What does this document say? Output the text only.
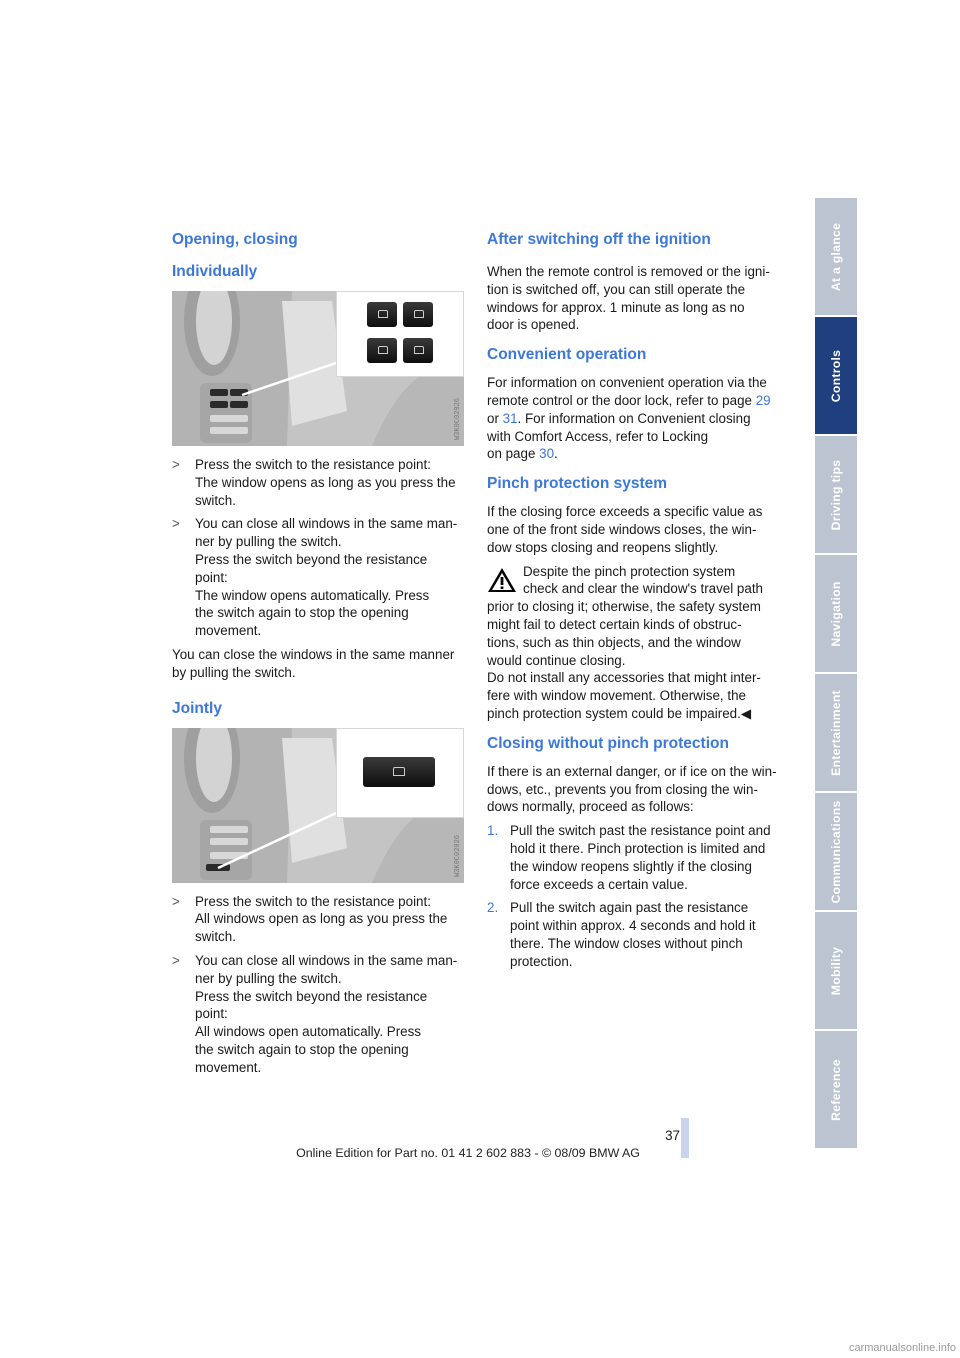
Opening, closing
Individually
W3K0C02026
> Press the switch to the resistance point:
The window opens as long as you press the
switch.
> You can close all windows in the same man-
ner by pulling the switch.
Press the switch beyond the resistance
point:
The window opens automatically. Press
the switch again to stop the opening
movement.
You can close the windows in the same manner
by pulling the switch.
Jointly
W3K0C02026
> Press the switch to the resistance point:
All windows open as long as you press the
switch.
> You can close all windows in the same man-
ner by pulling the switch.
Press the switch beyond the resistance
point:
All windows open automatically. Press
the switch again to stop the opening
movement.
After switching off the ignition
When the remote control is removed or the igni-
tion is switched off, you can still operate the
windows for approx. 1 minute as long as no
door is opened.
Convenient operation
For information on convenient operation via the
remote control or the door lock, refer to page 29
or 31. For information on Convenient closing
with Comfort Access, refer to Locking
on page 30.
Pinch protection system
If the closing force exceeds a specific value as
one of the front side windows closes, the win-
dow stops closing and reopens slightly.
Despite the pinch protection system
check and clear the window's travel path
prior to closing it; otherwise, the safety system
might fail to detect certain kinds of obstruc-
tions, such as thin objects, and the window
would continue closing.
Do not install any accessories that might inter-
fere with window movement. Otherwise, the
pinch protection system could be impaired.◀
Closing without pinch protection
If there is an external danger, or if ice on the win-
dows, etc., prevents you from closing the win-
dows normally, proceed as follows:
1. Pull the switch past the resistance point and
hold it there. Pinch protection is limited and
the window reopens slightly if the closing
force exceeds a certain value.
2. Pull the switch again past the resistance
point within approx. 4 seconds and hold it
there. The window closes without pinch
protection.
At a glance
Controls
Driving tips
Navigation
Entertainment
Communications
Mobility
Reference
37
Online Edition for Part no. 01 41 2 602 883 - © 08/09 BMW AG
carmanualsonline.info
